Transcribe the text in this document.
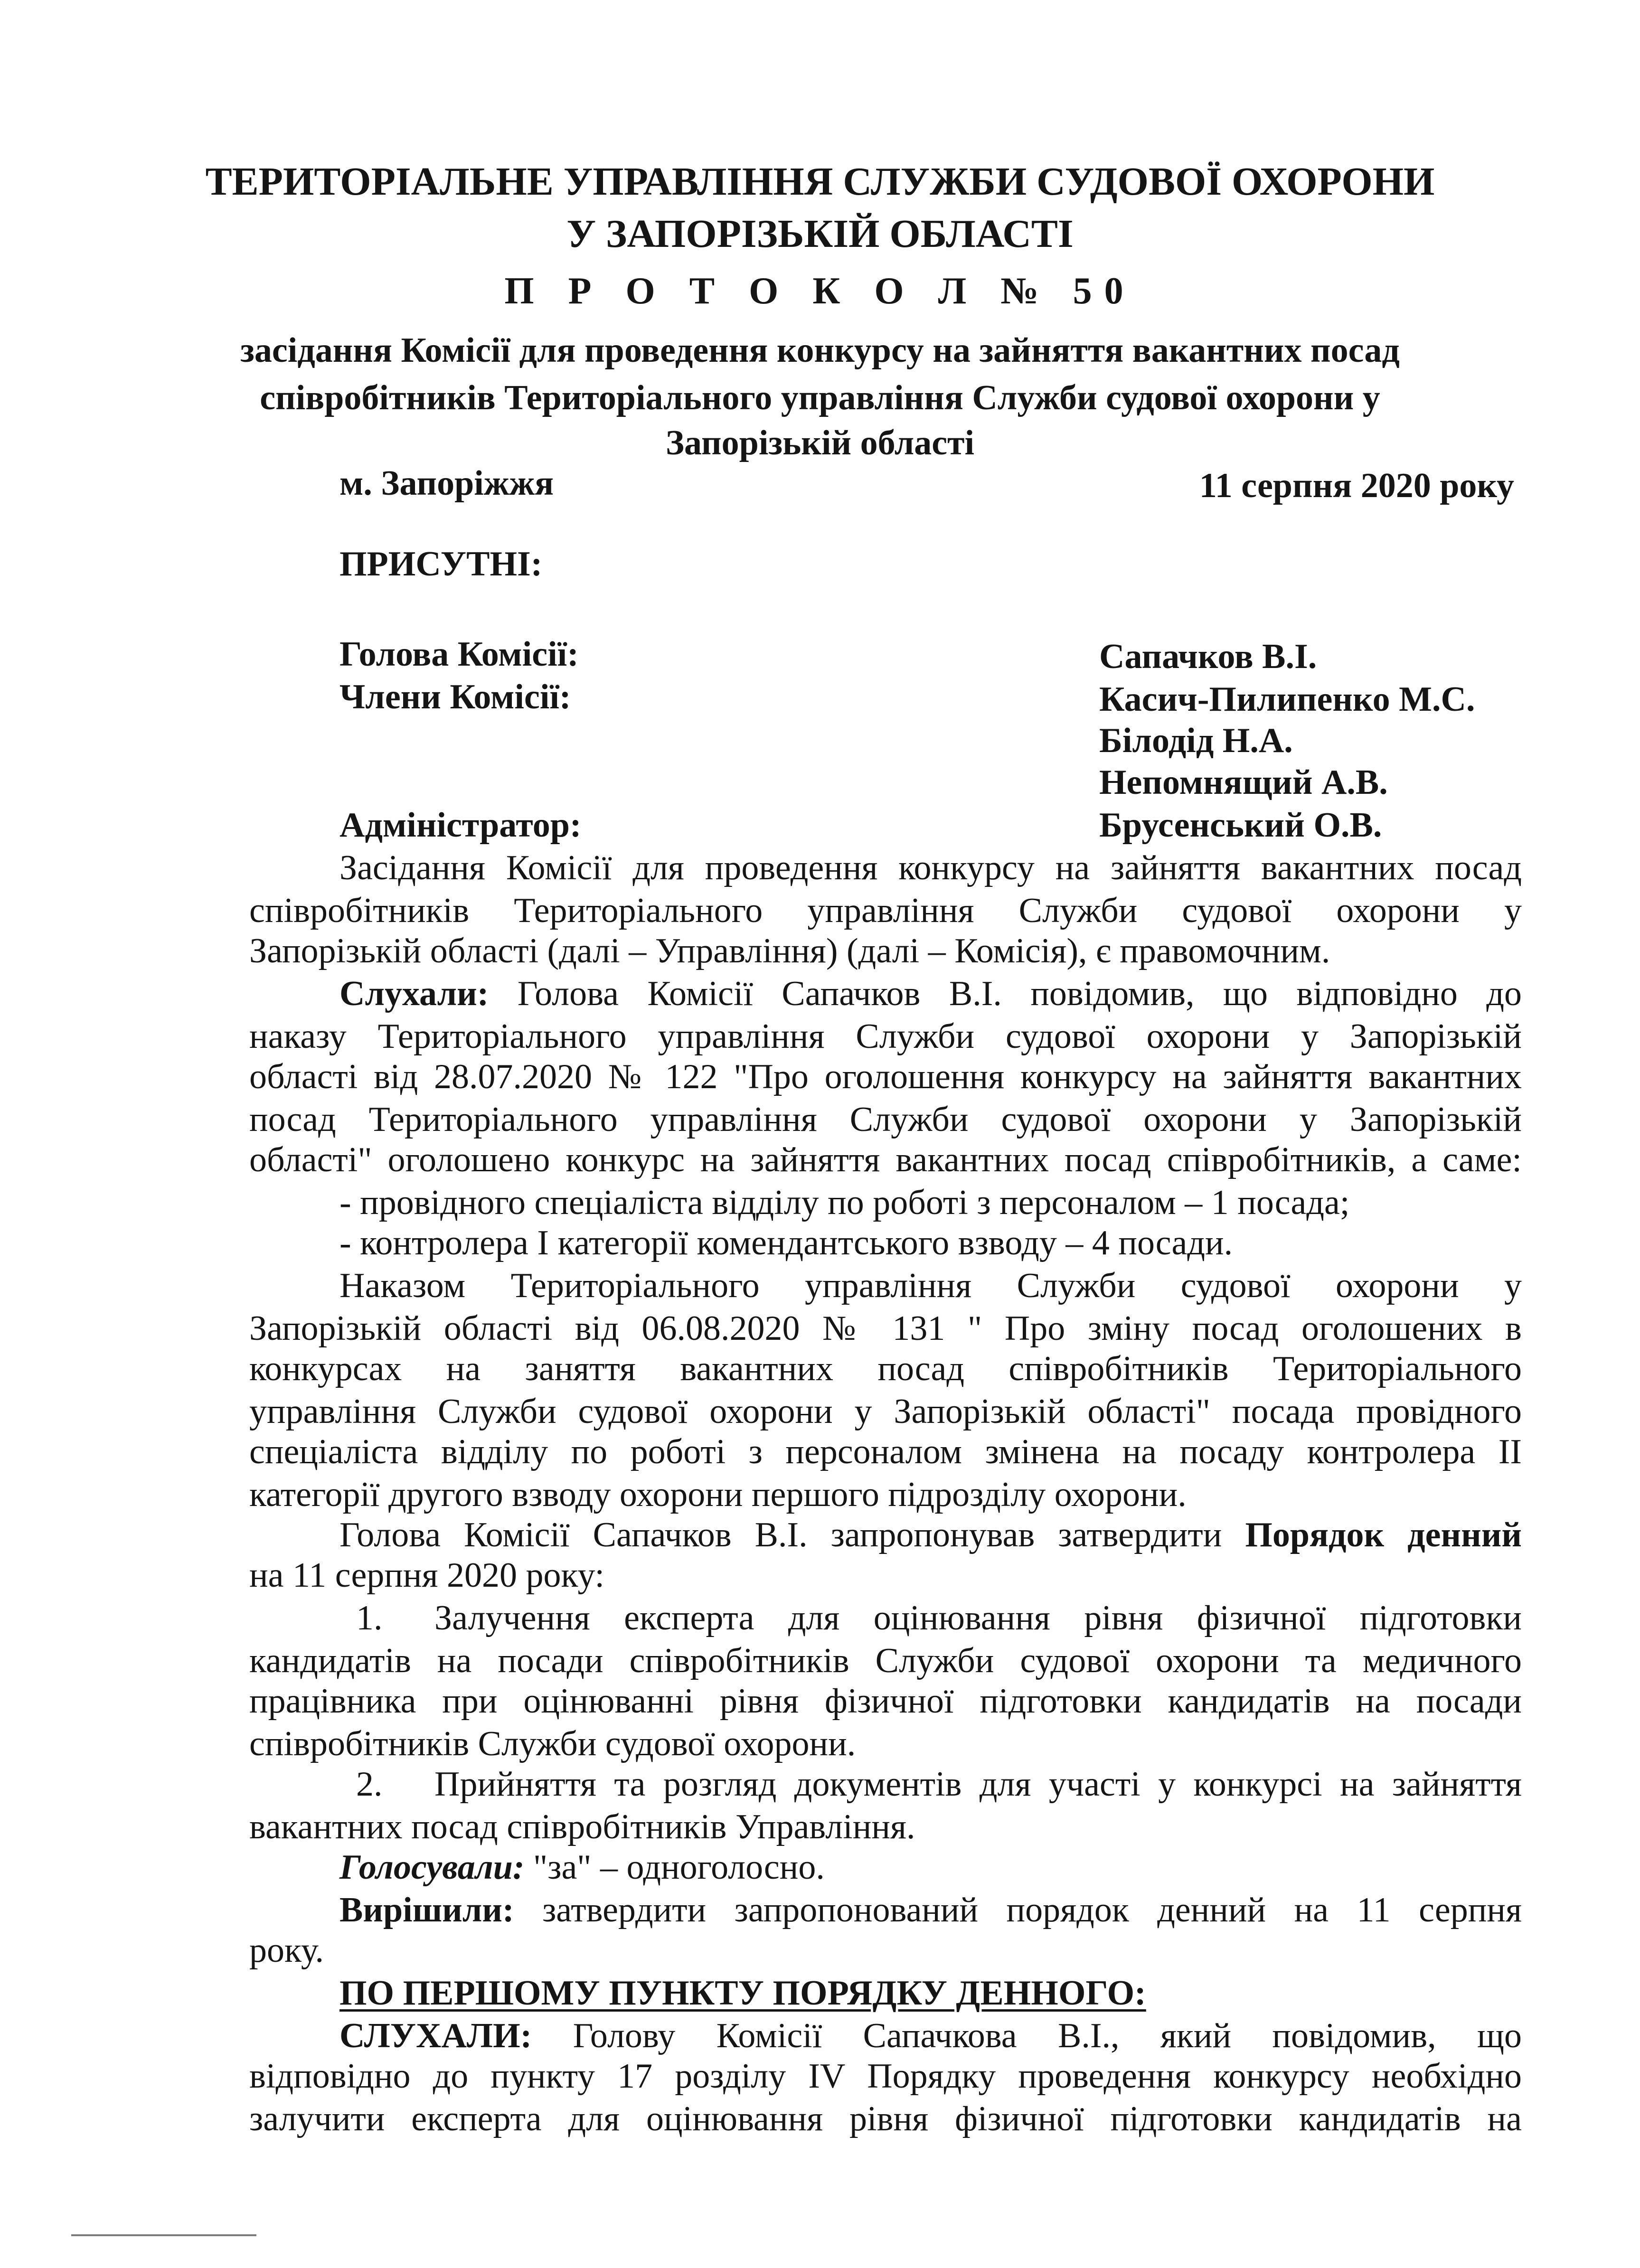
ТЕРИТОРІАЛЬНЕ УПРАВЛІННЯ СЛУЖБИ СУДОВОЇ ОХОРОНИ
У ЗАПОРІЗЬКІЙ ОБЛАСТІ
П Р О Т О К О Л № 50
засідання Комісії для проведення конкурсу на зайняття вакантних посад
співробітників Територіального управління Служби судової охорони у
Запорізькій області
м. Запоріжжя	11 серпня 2020 року
ПРИСУТНІ:
Голова Комісії:	Сапачков В.І.
Члени Комісії:	Касич-Пилипенко М.С.
Білодід Н.А.
Непомнящий А.В.
Адміністратор:	Брусенський О.В.
Засідання Комісії для проведення конкурсу на зайняття вакантних посад
співробітників Територіального управління Служби судової охорони у
Запорізькій області (далі – Управління) (далі – Комісія), є правомочним.
Слухали: Голова Комісії Сапачков В.І. повідомив, що відповідно до
наказу Територіального управління Служби судової охорони у Запорізькій
області від 28.07.2020 № 122 "Про оголошення конкурсу на зайняття вакантних
посад Територіального управління Служби судової охорони у Запорізькій
області" оголошено конкурс на зайняття вакантних посад співробітників, а саме:
- провідного спеціаліста відділу по роботі з персоналом – 1 посада;
- контролера І категорії комендантського взводу – 4 посади.
Наказом Територіального управління Служби судової охорони у
Запорізькій області від 06.08.2020 № 131 " Про зміну посад оголошених в
конкурсах на заняття вакантних посад співробітників Територіального
управління Служби судової охорони у Запорізькій області" посада провідного
спеціаліста відділу по роботі з персоналом змінена на посаду контролера ІІ
категорії другого взводу охорони першого підрозділу охорони.
Голова Комісії Сапачков В.І. запропонував затвердити Порядок денний
на 11 серпня 2020 року:
1. Залучення експерта для оцінювання рівня фізичної підготовки
кандидатів на посади співробітників Служби судової охорони та медичного
працівника при оцінюванні рівня фізичної підготовки кандидатів на посади
співробітників Служби судової охорони.
2. Прийняття та розгляд документів для участі у конкурсі на зайняття
вакантних посад співробітників Управління.
Голосували: "за" – одноголосно.
Вирішили: затвердити запропонований порядок денний на 11 серпня
року.
ПО ПЕРШОМУ ПУНКТУ ПОРЯДКУ ДЕННОГО:
СЛУХАЛИ: Голову Комісії Сапачкова В.І., який повідомив, що
відповідно до пункту 17 розділу IV Порядку проведення конкурсу необхідно
залучити експерта для оцінювання рівня фізичної підготовки кандидатів на
